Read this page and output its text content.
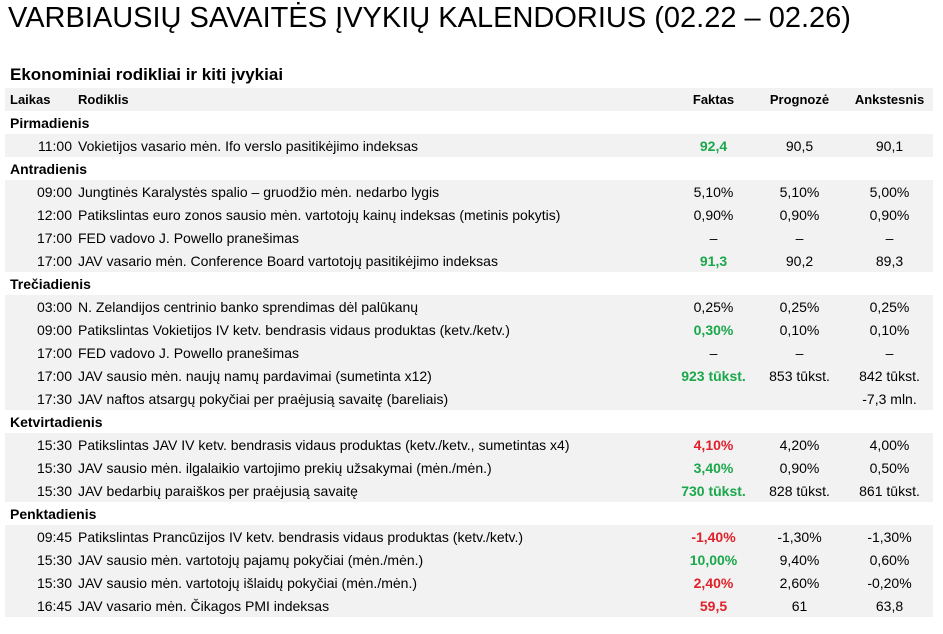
VARBIAUSIŲ SAVAITĖS ĮVYKIŲ KALENDORIUS (02.22 – 02.26)
Ekonominiai rodikliai ir kiti įvykiai
Laikas	Rodiklis	Faktas	Prognozė	Ankstesnis
Pirmadienis				
11:00	Vokietijos vasario mėn. Ifo verslo pasitikėjimo indeksas	92,4	90,5	90,1
Antradienis				
09:00	Jungtinės Karalystės spalio – gruodžio mėn. nedarbo lygis	5,10%	5,10%	5,00%
12:00	Patikslintas euro zonos sausio mėn. vartotojų kainų indeksas (metinis pokytis)	0,90%	0,90%	0,90%
17:00	FED vadovo J. Powello pranešimas	–	–	–
17:00	JAV vasario mėn. Conference Board vartotojų pasitikėjimo indeksas	91,3	90,2	89,3
Trečiadienis				
03:00	N. Zelandijos centrinio banko sprendimas dėl palūkanų	0,25%	0,25%	0,25%
09:00	Patikslintas Vokietijos IV ketv. bendrasis vidaus produktas (ketv./ketv.)	0,30%	0,10%	0,10%
17:00	FED vadovo J. Powello pranešimas	–	–	–
17:00	JAV sausio mėn. naujų namų pardavimai (sumetinta x12)	923 tūkst.	853 tūkst.	842 tūkst.
17:30	JAV naftos atsargų pokyčiai per praėjusią savaitę (bareliais)			-7,3 mln.
Ketvirtadienis				
15:30	Patikslintas JAV IV ketv. bendrasis vidaus produktas (ketv./ketv., sumetintas x4)	4,10%	4,20%	4,00%
15:30	JAV sausio mėn. ilgalaikio vartojimo prekių užsakymai (mėn./mėn.)	3,40%	0,90%	0,50%
15:30	JAV bedarbių paraiškos per praėjusią savaitę	730 tūkst.	828 tūkst.	861 tūkst.
Penktadienis				
09:45	Patikslintas Prancūzijos IV ketv. bendrasis vidaus produktas (ketv./ketv.)	-1,40%	-1,30%	-1,30%
15:30	JAV sausio mėn. vartotojų pajamų pokyčiai (mėn./mėn.)	10,00%	9,40%	0,60%
15:30	JAV sausio mėn. vartotojų išlaidų pokyčiai (mėn./mėn.)	2,40%	2,60%	-0,20%
16:45	JAV vasario mėn. Čikagos PMI indeksas	59,5	61	63,8
